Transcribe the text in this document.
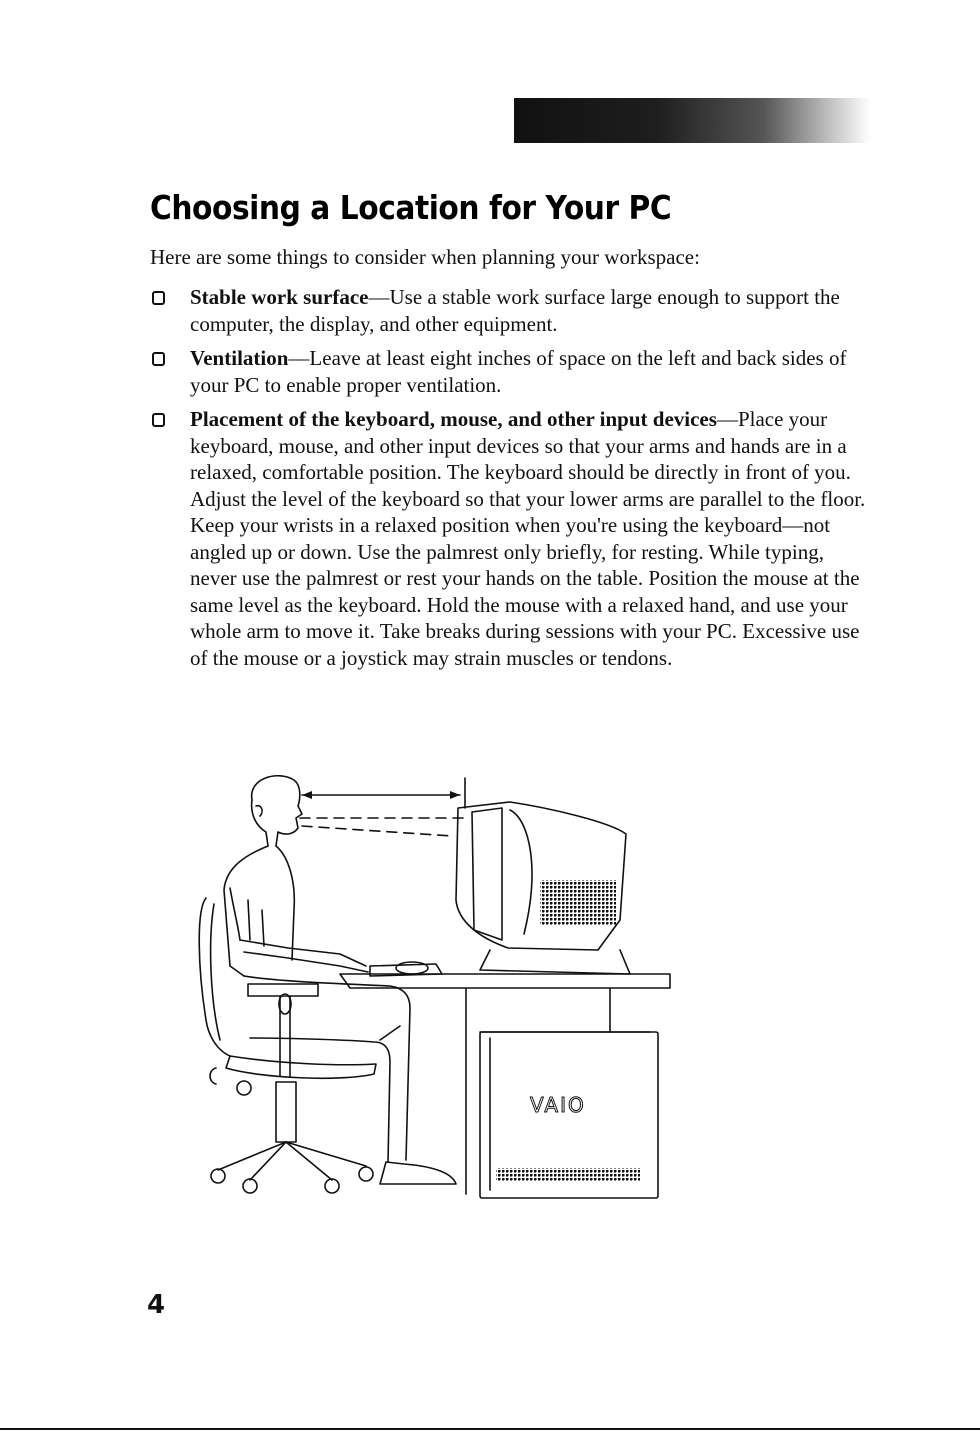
Choosing a Location for Your PC

Here are some things to consider when planning your workspace:

Stable work surface—Use a stable work surface large enough to support the computer, the display, and other equipment.
Ventilation—Leave at least eight inches of space on the left and back sides of your PC to enable proper ventilation.
Placement of the keyboard, mouse, and other input devices—Place your keyboard, mouse, and other input devices so that your arms and hands are in a relaxed, comfortable position. The keyboard should be directly in front of you. Adjust the level of the keyboard so that your lower arms are parallel to the floor. Keep your wrists in a relaxed position when you're using the keyboard—not angled up or down. Use the palmrest only briefly, for resting. While typing, never use the palmrest or rest your hands on the table. Position the mouse at the same level as the keyboard. Hold the mouse with a relaxed hand, and use your whole arm to move it. Take breaks during sessions with your PC. Excessive use of the mouse or a joystick may strain muscles or tendons.
VAIO

4
